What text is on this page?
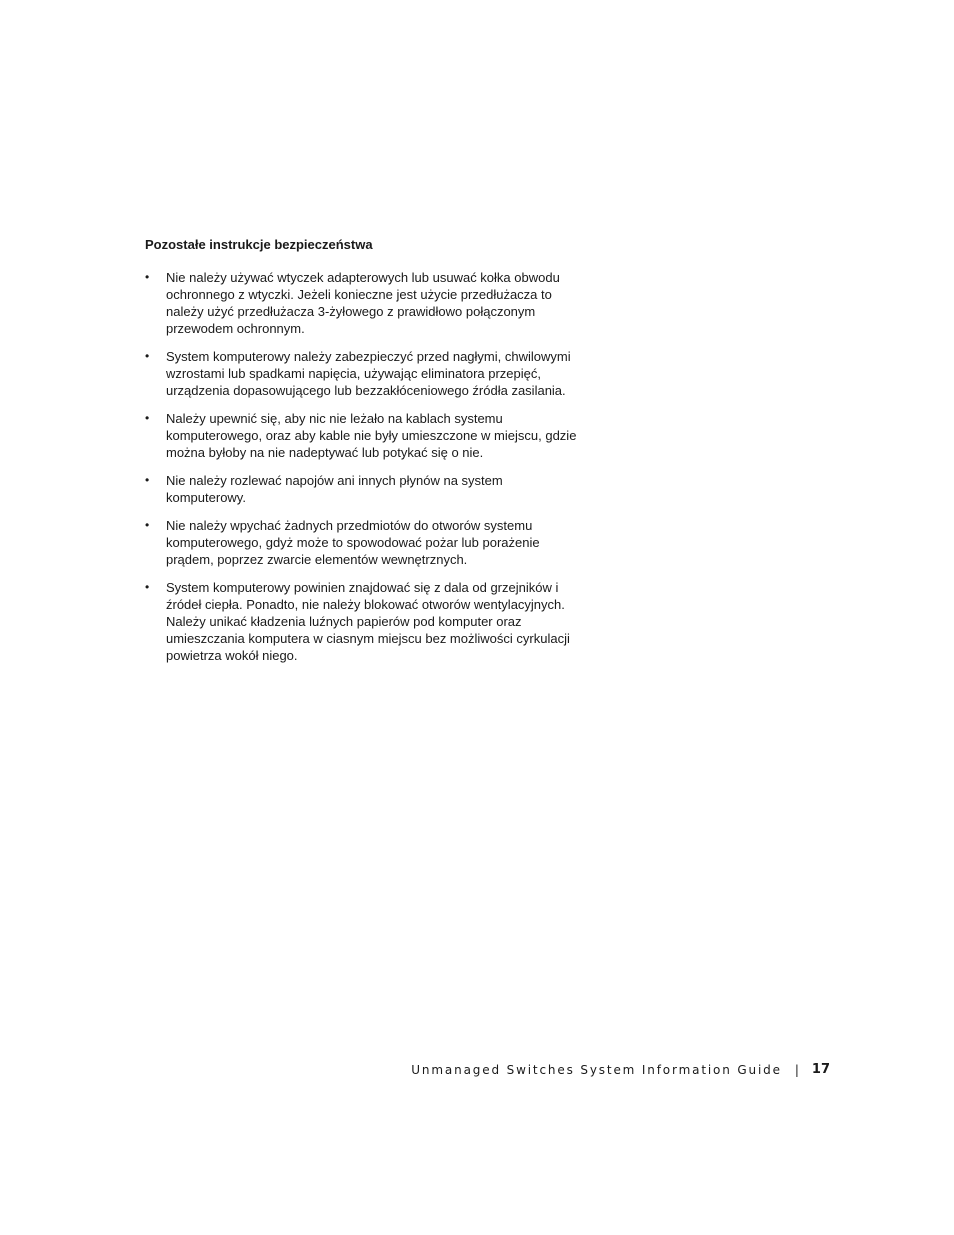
Pozostałe instrukcje bezpieczeństwa
• Nie należy używać wtyczek adapterowych lub usuwać kołka obwodu ochronnego z wtyczki. Jeżeli konieczne jest użycie przedłużacza to należy użyć przedłużacza 3-żyłowego z prawidłowo połączonym przewodem ochronnym.
• System komputerowy należy zabezpieczyć przed nagłymi, chwilowymi wzrostami lub spadkami napięcia, używając eliminatora przepięć, urządzenia dopasowującego lub bezzakłóceniowego źródła zasilania.
• Należy upewnić się, aby nic nie leżało na kablach systemu komputerowego, oraz aby kable nie były umieszczone w miejscu, gdzie można byłoby na nie nadeptywać lub potykać się o nie.
• Nie należy rozlewać napojów ani innych płynów na system komputerowy.
• Nie należy wpychać żadnych przedmiotów do otworów systemu komputerowego, gdyż może to spowodować pożar lub porażenie prądem, poprzez zwarcie elementów wewnętrznych.
• System komputerowy powinien znajdować się z dala od grzejników i źródeł ciepła. Ponadto, nie należy blokować otworów wentylacyjnych. Należy unikać kładzenia luźnych papierów pod komputer oraz umieszczania komputera w ciasnym miejscu bez możliwości cyrkulacji powietrza wokół niego.
Unmanaged Switches System Information Guide | 17
